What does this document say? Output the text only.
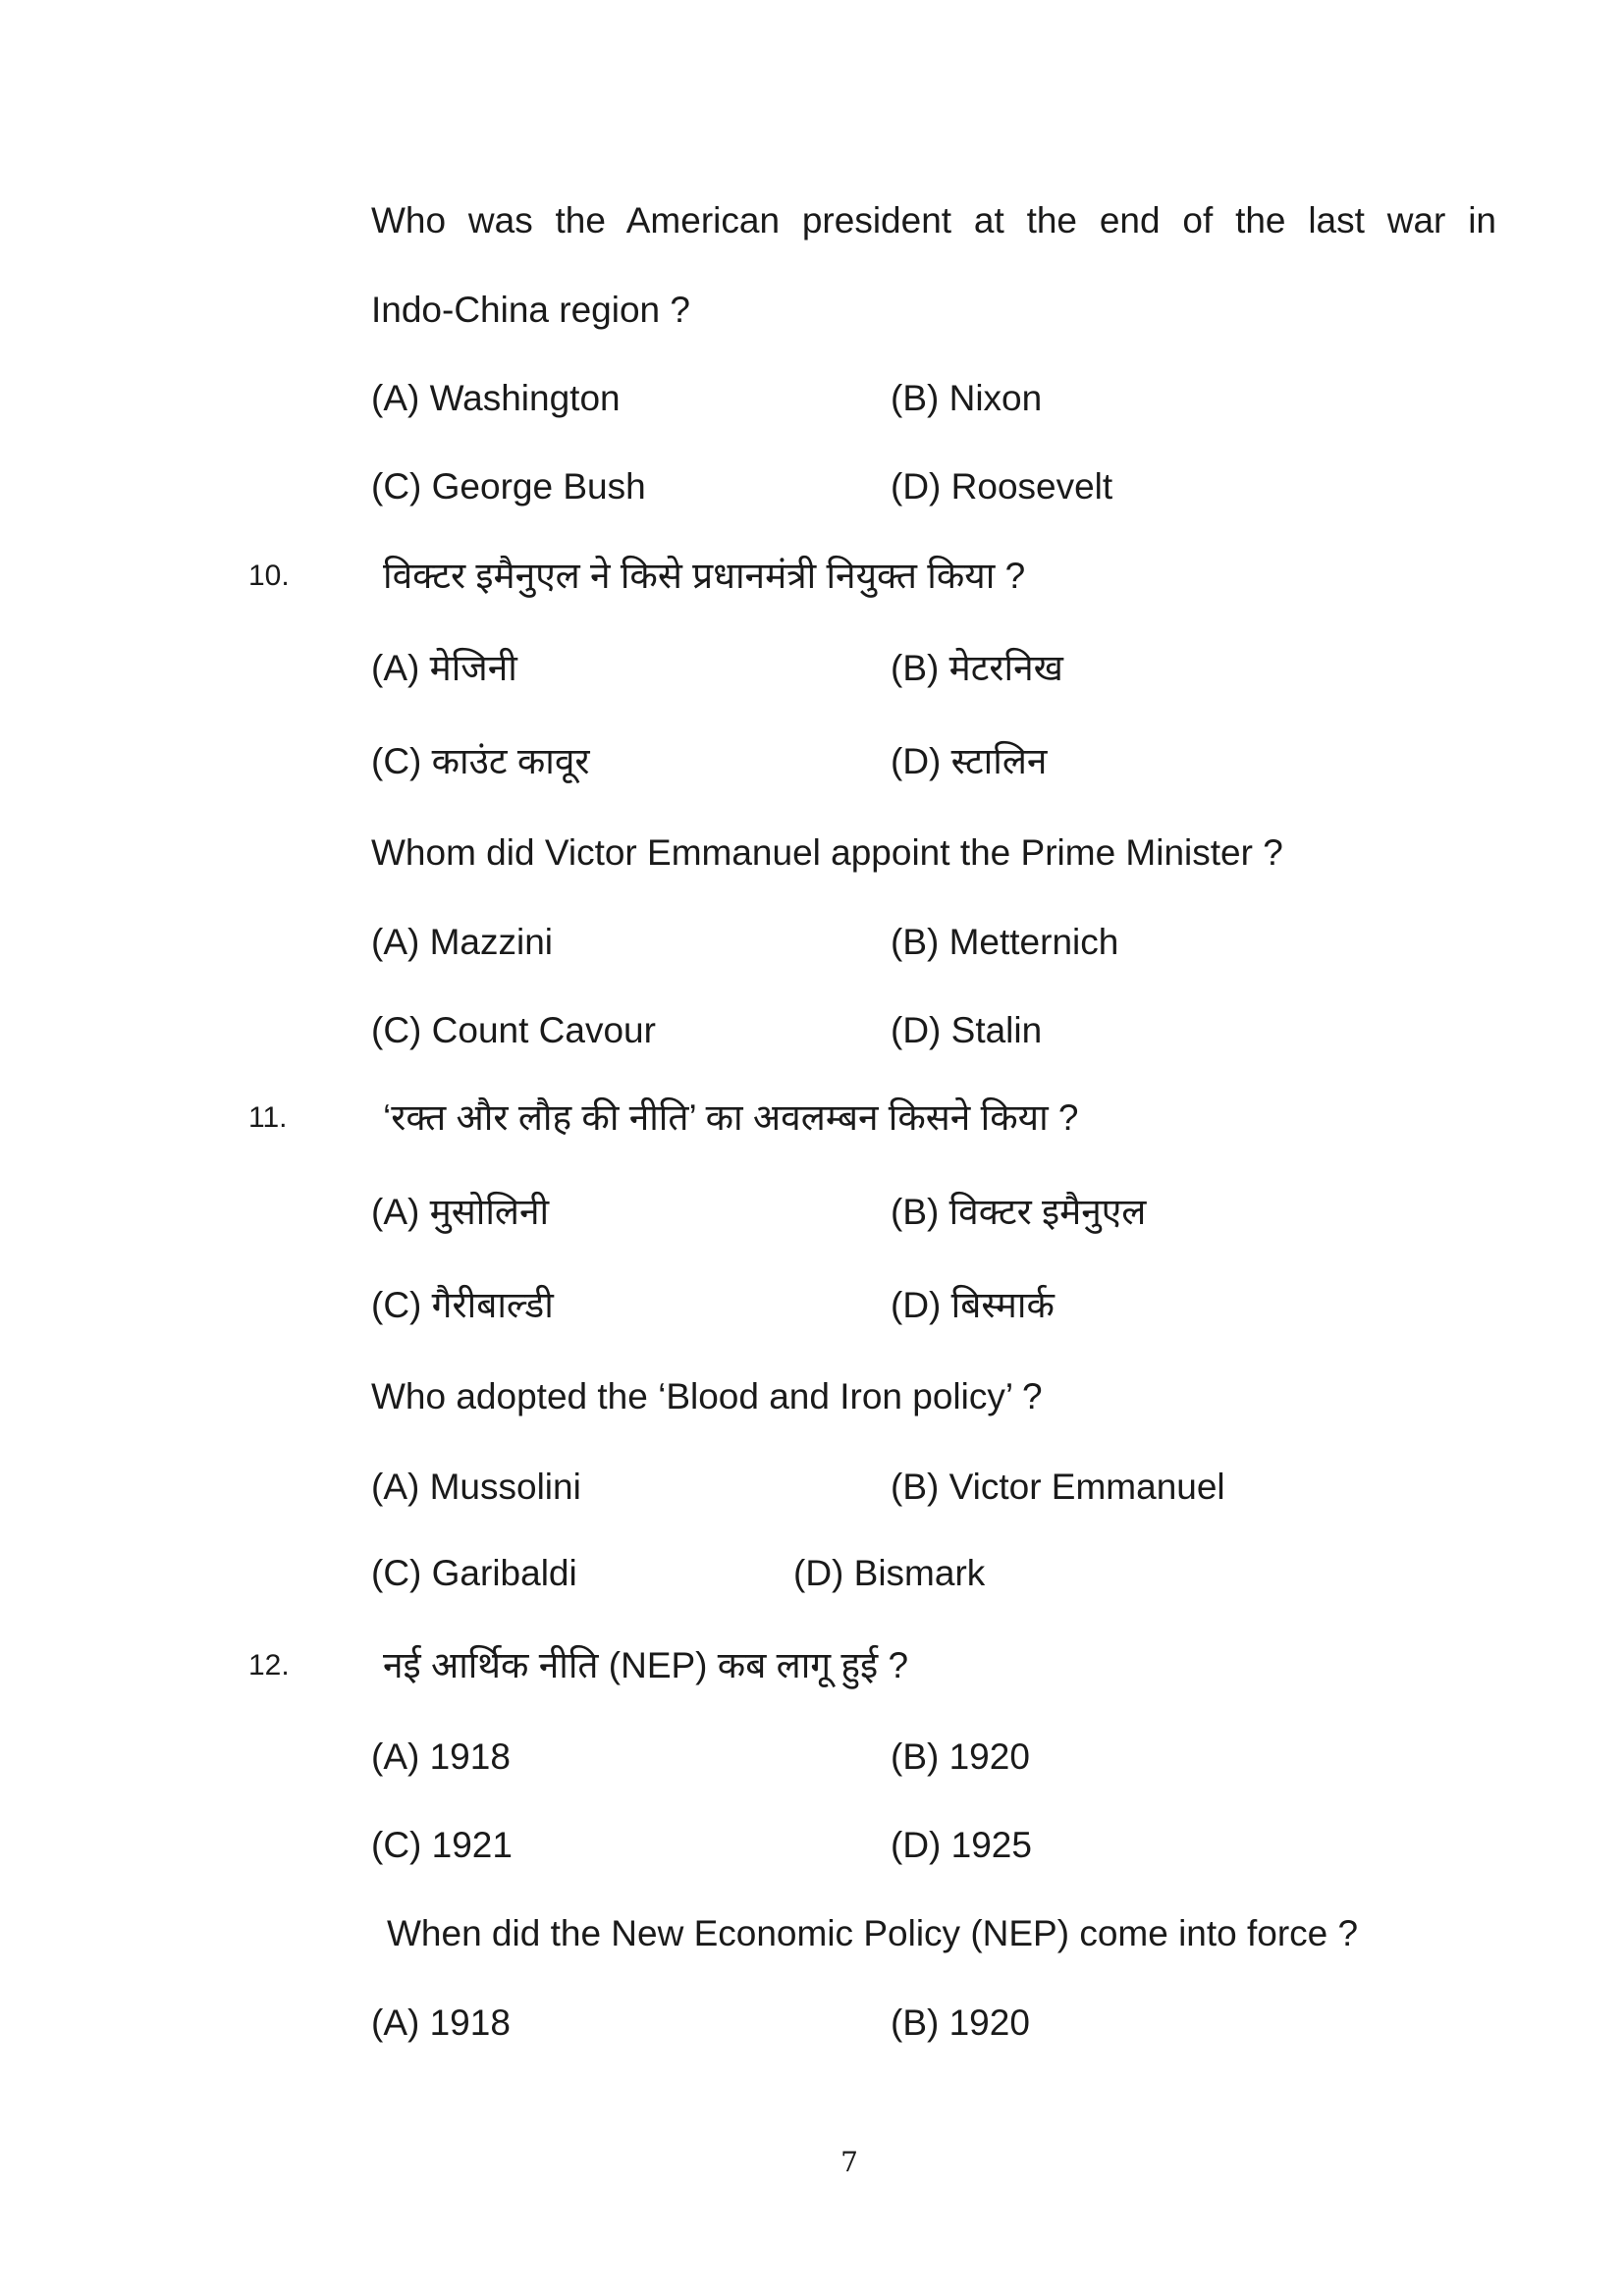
Who was the American president at the end of the last war in
Indo-China region ?
(A) Washington	(B) Nixon
(C) George Bush	(D) Roosevelt
10.	विक्टर इमैनुएल ने किसे प्रधानमंत्री नियुक्त किया ?
(A) मेजिनी	(B) मेटरनिख
(C) काउंट कावूर	(D) स्टालिन
Whom did Victor Emmanuel appoint the Prime Minister ?
(A) Mazzini	(B) Metternich
(C) Count Cavour	(D) Stalin
11.	‘रक्त और लौह की नीति’ का अवलम्बन किसने किया ?
(A) मुसोलिनी	(B) विक्टर इमैनुएल
(C) गैरीबाल्डी	(D) बिस्मार्क
Who adopted the ‘Blood and Iron policy’ ?
(A) Mussolini	(B) Victor Emmanuel
(C) Garibaldi	(D) Bismark
12.	नई आर्थिक नीति (NEP) कब लागू हुई ?
(A) 1918	(B) 1920
(C) 1921	(D) 1925
When did the New Economic Policy (NEP) come into force ?
(A) 1918	(B) 1920
7
